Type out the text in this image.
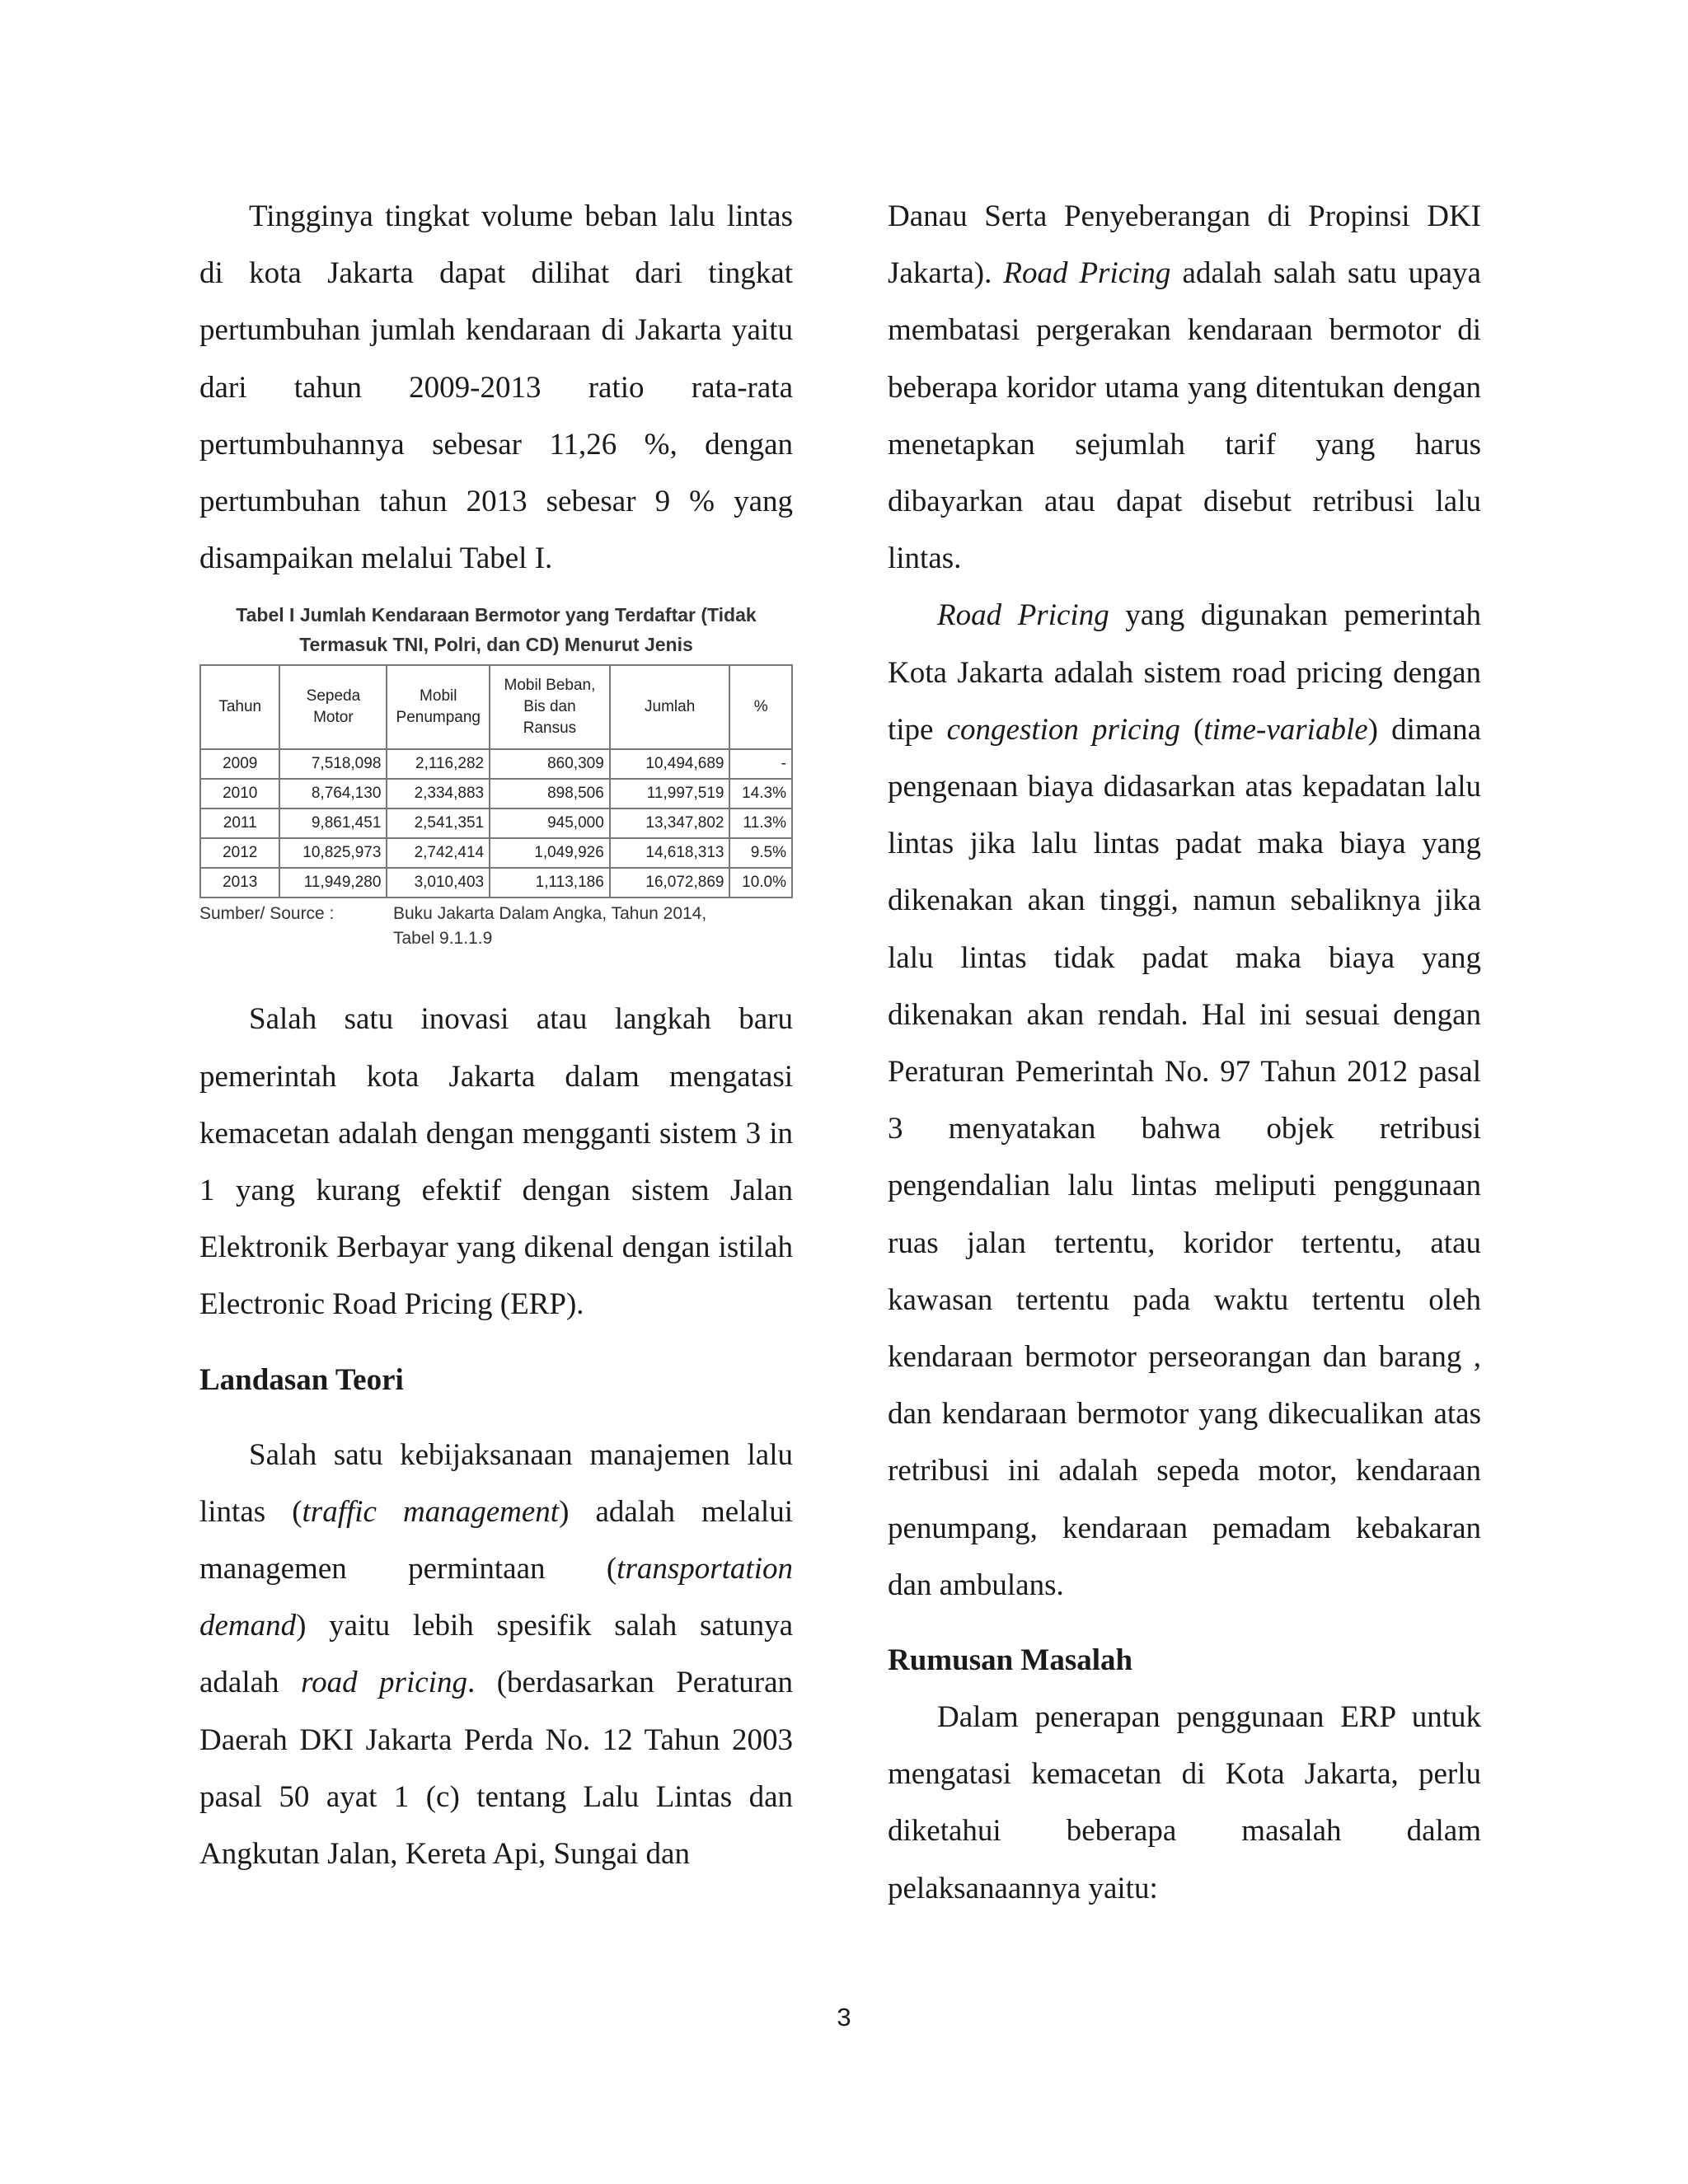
Tingginya tingkat volume beban lalu lintas di kota Jakarta dapat dilihat dari tingkat pertumbuhan jumlah kendaraan di Jakarta yaitu dari tahun 2009-2013 ratio rata-rata pertumbuhannya sebesar 11,26 %, dengan pertumbuhan tahun 2013 sebesar 9 % yang disampaikan melalui Tabel I.

Tabel I Jumlah Kendaraan Bermotor yang Terdaftar (Tidak
Termasuk TNI, Polri, dan CD) Menurut Jenis
Tahun	Sepeda Motor	Mobil Penumpang	Mobil Beban, Bis dan Ransus	Jumlah	%
2009	7,518,098	2,116,282	860,309	10,494,689	-
2010	8,764,130	2,334,883	898,506	11,997,519	14.3%
2011	9,861,451	2,541,351	945,000	13,347,802	11.3%
2012	10,825,973	2,742,414	1,049,926	14,618,313	9.5%
2013	11,949,280	3,010,403	1,113,186	16,072,869	10.0%
Sumber/ Source :	Buku Jakarta Dalam Angka, Tahun 2014,
Tabel 9.1.1.9

Salah satu inovasi atau langkah baru pemerintah kota Jakarta dalam mengatasi kemacetan adalah dengan mengganti sistem 3 in 1 yang kurang efektif dengan sistem Jalan Elektronik Berbayar yang dikenal dengan istilah Electronic Road Pricing (ERP).

Landasan Teori

Salah satu kebijaksanaan manajemen lalu lintas (traffic management) adalah melalui managemen permintaan (transportation demand) yaitu lebih spesifik salah satunya adalah road pricing. (berdasarkan Peraturan Daerah DKI Jakarta Perda No. 12 Tahun 2003 pasal 50 ayat 1 (c) tentang Lalu Lintas dan Angkutan Jalan, Kereta Api, Sungai dan

Danau Serta Penyeberangan di Propinsi DKI Jakarta). Road Pricing adalah salah satu upaya membatasi pergerakan kendaraan bermotor di beberapa koridor utama yang ditentukan dengan menetapkan sejumlah tarif yang harus dibayarkan atau dapat disebut retribusi lalu lintas.

Road Pricing yang digunakan pemerintah Kota Jakarta adalah sistem road pricing dengan tipe congestion pricing (time-variable) dimana pengenaan biaya didasarkan atas kepadatan lalu lintas jika lalu lintas padat maka biaya yang dikenakan akan tinggi, namun sebaliknya jika lalu lintas tidak padat maka biaya yang dikenakan akan rendah. Hal ini sesuai dengan Peraturan Pemerintah No. 97 Tahun 2012 pasal 3 menyatakan bahwa objek retribusi pengendalian lalu lintas meliputi penggunaan ruas jalan tertentu, koridor tertentu, atau kawasan tertentu pada waktu tertentu oleh kendaraan bermotor perseorangan dan barang , dan kendaraan bermotor yang dikecualikan atas retribusi ini adalah sepeda motor, kendaraan penumpang, kendaraan pemadam kebakaran dan ambulans.

Rumusan Masalah

Dalam penerapan penggunaan ERP untuk mengatasi kemacetan di Kota Jakarta, perlu diketahui beberapa masalah dalam pelaksanaannya yaitu:

3
